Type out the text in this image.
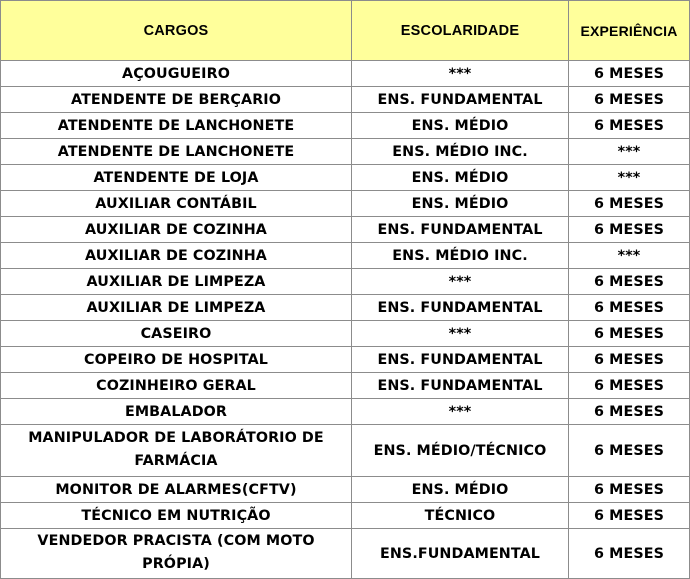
CARGOS	ESCOLARIDADE	EXPERIÊNCIA
AÇOUGUEIRO	***	6 MESES
ATENDENTE DE BERÇARIO	ENS. FUNDAMENTAL	6 MESES
ATENDENTE DE LANCHONETE	ENS. MÉDIO	6 MESES
ATENDENTE DE LANCHONETE	ENS. MÉDIO INC.	***
ATENDENTE DE LOJA	ENS. MÉDIO	***
AUXILIAR CONTÁBIL	ENS. MÉDIO	6 MESES
AUXILIAR DE COZINHA	ENS. FUNDAMENTAL	6 MESES
AUXILIAR DE COZINHA	ENS. MÉDIO INC.	***
AUXILIAR DE LIMPEZA	***	6 MESES
AUXILIAR DE LIMPEZA	ENS. FUNDAMENTAL	6 MESES
CASEIRO	***	6 MESES
COPEIRO DE HOSPITAL	ENS. FUNDAMENTAL	6 MESES
COZINHEIRO GERAL	ENS. FUNDAMENTAL	6 MESES
EMBALADOR	***	6 MESES
MANIPULADOR DE LABORÁTORIO DE FARMÁCIA	ENS. MÉDIO/TÉCNICO	6 MESES
MONITOR DE ALARMES(CFTV)	ENS. MÉDIO	6 MESES
TÉCNICO EM NUTRIÇÃO	TÉCNICO	6 MESES
VENDEDOR PRACISTA (COM MOTO PRÓPIA)	ENS.FUNDAMENTAL	6 MESES
